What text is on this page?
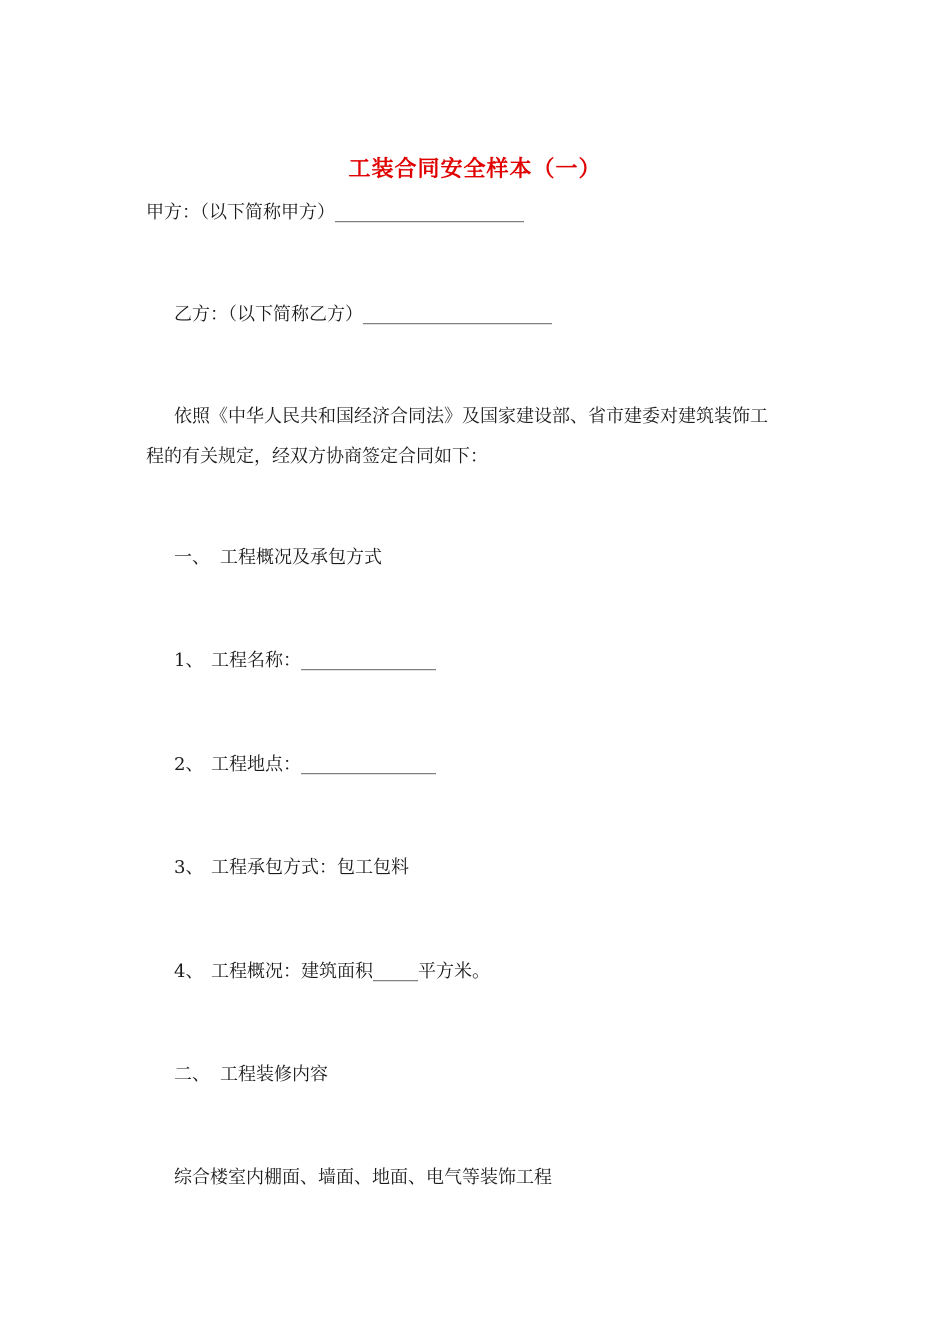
工装合同安全样本（一）
甲方：（以下简称甲方）_____________________
乙方：（以下简称乙方）_____________________
依照《中华人民共和国经济合同法》及国家建设部、省市建委对建筑装饰工
程的有关规定，经双方协商签定合同如下：
一、 工程概况及承包方式
1、 工程名称：_______________
2、 工程地点：_______________
3、 工程承包方式：包工包料
4、 工程概况：建筑面积_____平方米。
二、 工程装修内容
综合楼室内棚面、墙面、地面、电气等装饰工程
